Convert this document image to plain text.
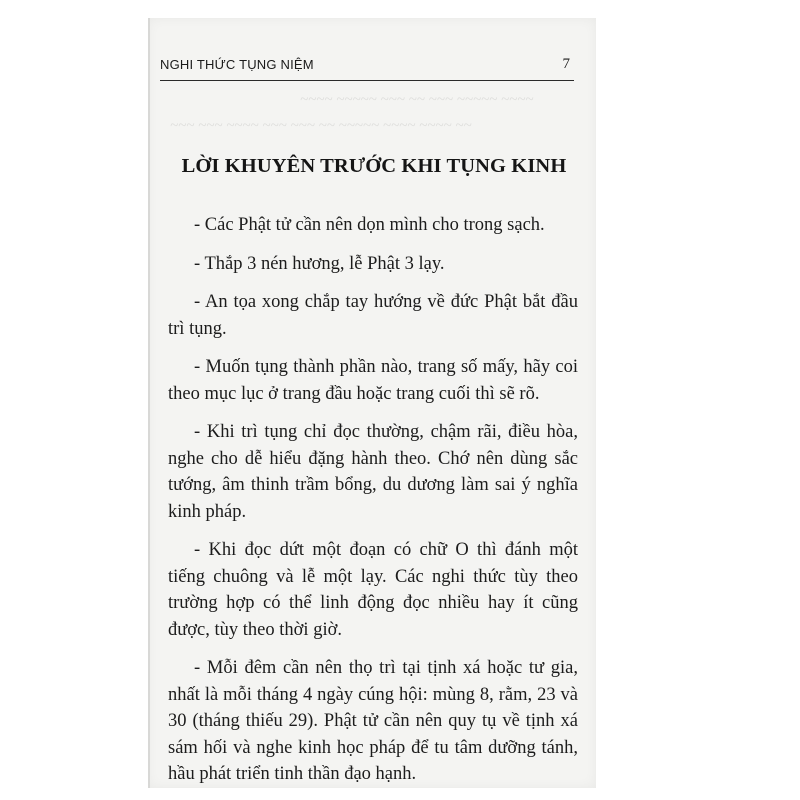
NGHI THỨC TỤNG NIỆM	7
LỜI KHUYÊN TRƯỚC KHI TỤNG KINH

- Các Phật tử cần nên dọn mình cho trong sạch.

- Thắp 3 nén hương, lễ Phật 3 lạy.

- An tọa xong chắp tay hướng về đức Phật bắt đầu trì tụng.

- Muốn tụng thành phần nào, trang số mấy, hãy coi theo mục lục ở trang đầu hoặc trang cuối thì sẽ rõ.

- Khi trì tụng chỉ đọc thường, chậm rãi, điều hòa, nghe cho dễ hiểu đặng hành theo. Chớ nên dùng sắc tướng, âm thinh trầm bổng, du dương làm sai ý nghĩa kinh pháp.

- Khi đọc dứt một đoạn có chữ O thì đánh một tiếng chuông và lễ một lạy. Các nghi thức tùy theo trường hợp có thể linh động đọc nhiều hay ít cũng được, tùy theo thời giờ.

- Mỗi đêm cần nên thọ trì tại tịnh xá hoặc tư gia, nhất là mỗi tháng 4 ngày cúng hội: mùng 8, rằm, 23 và 30 (tháng thiếu 29). Phật tử cần nên quy tụ về tịnh xá sám hối và nghe kinh học pháp để tu tâm dưỡng tánh, hầu phát triển tinh thần đạo hạnh.
